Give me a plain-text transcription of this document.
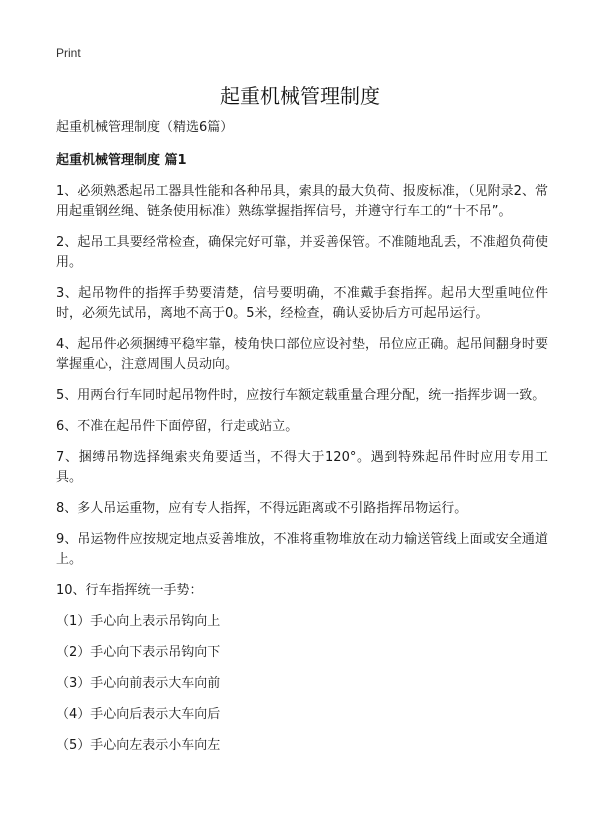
Print
起重机械管理制度

起重机械管理制度（精选6篇）

起重机械管理制度 篇1

1、必须熟悉起吊工器具性能和各种吊具，索具的最大负荷、报废标准，（见附录2、常用起重钢丝绳、链条使用标准）熟练掌握指挥信号，并遵守行车工的“十不吊”。

2、起吊工具要经常检查，确保完好可靠，并妥善保管。不准随地乱丢，不准超负荷使用。

3、起吊物件的指挥手势要清楚，信号要明确，不准戴手套指挥。起吊大型重吨位件时，必须先试吊，离地不高于0。5米，经检查，确认妥协后方可起吊运行。

4、起吊件必须捆缚平稳牢靠，棱角快口部位应设衬垫，吊位应正确。起吊间翻身时要掌握重心，注意周围人员动向。

5、用两台行车同时起吊物件时，应按行车额定载重量合理分配，统一指挥步调一致。

6、不准在起吊件下面停留，行走或站立。

7、捆缚吊物选择绳索夹角要适当，不得大于120°。遇到特殊起吊件时应用专用工具。

8、多人吊运重物，应有专人指挥，不得远距离或不引路指挥吊物运行。

9、吊运物件应按规定地点妥善堆放，不准将重物堆放在动力输送管线上面或安全通道上。

10、行车指挥统一手势：

（1）手心向上表示吊钩向上

（2）手心向下表示吊钩向下

（3）手心向前表示大车向前

（4）手心向后表示大车向后

（5）手心向左表示小车向左
